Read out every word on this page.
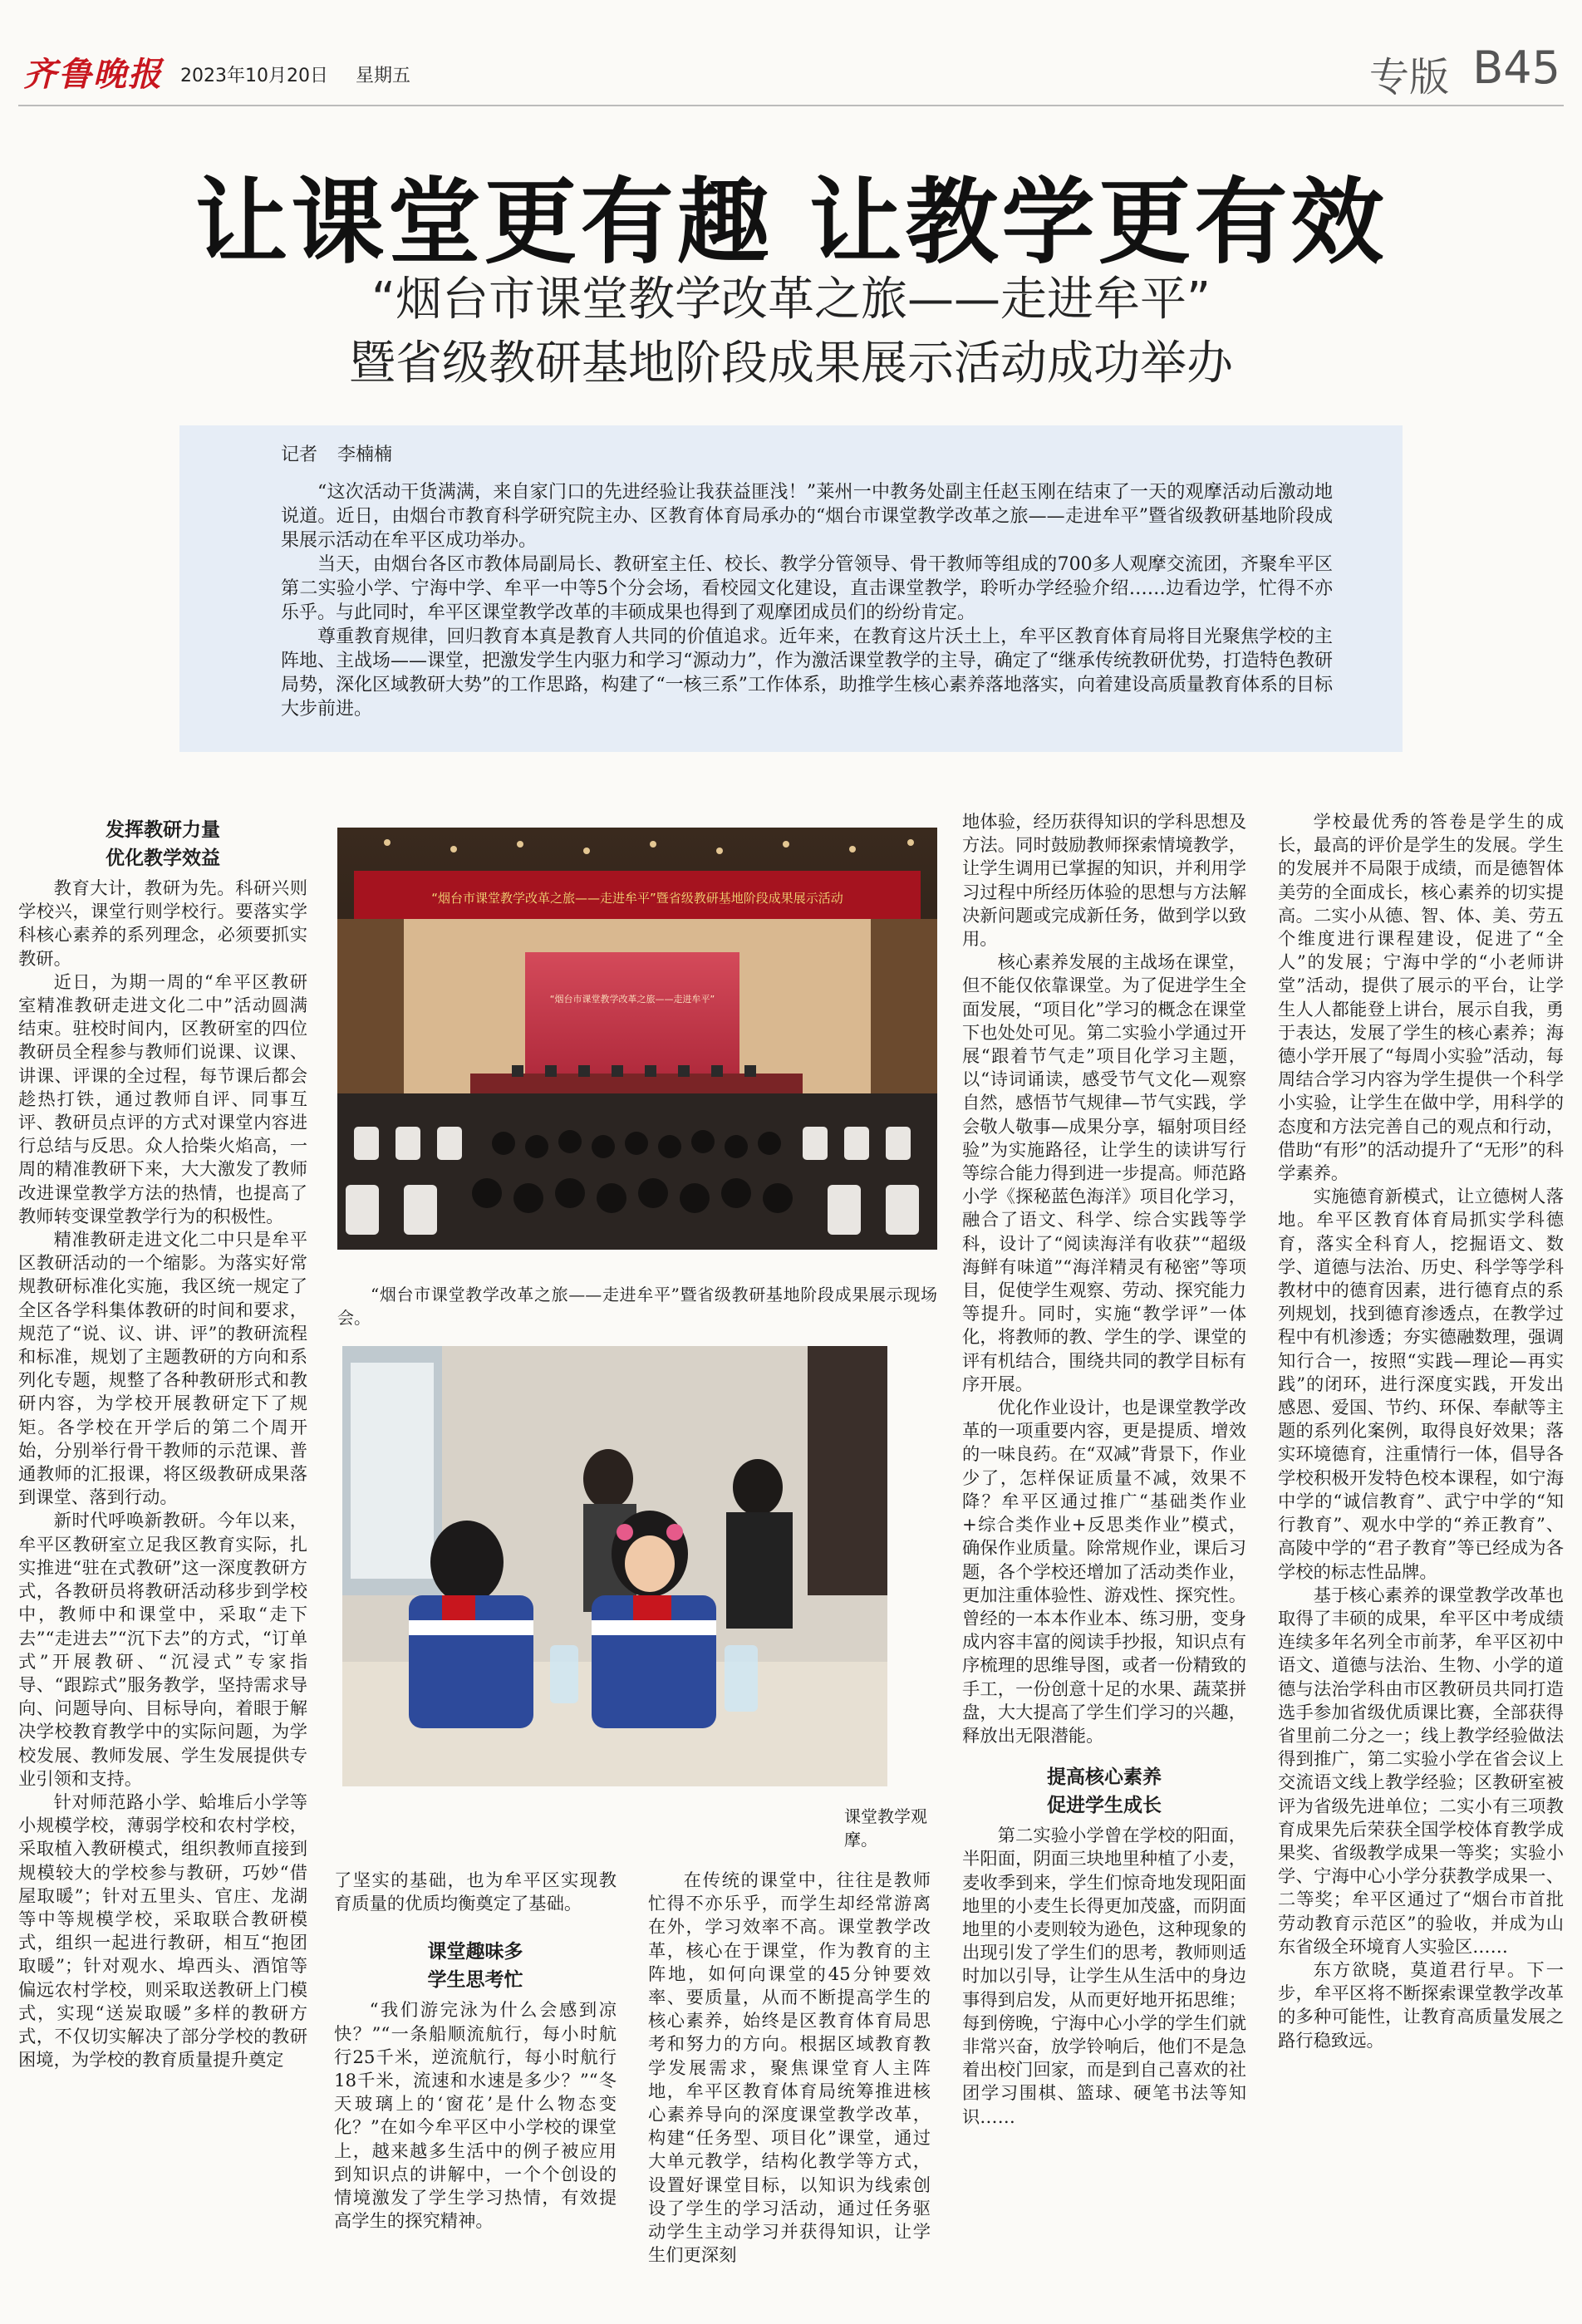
齐鲁晚报 2023年10月20日 星期五	专版 B45
让课堂更有趣 让教学更有效
“烟台市课堂教学改革之旅——走进牟平”
暨省级教研基地阶段成果展示活动成功举办
记者 李楠楠

“这次活动干货满满，来自家门口的先进经验让我获益匪浅！”莱州一中教务处副主任赵玉刚在结束了一天的观摩活动后激动地说道。近日，由烟台市教育科学研究院主办、区教育体育局承办的“烟台市课堂教学改革之旅——走进牟平”暨省级教研基地阶段成果展示活动在牟平区成功举办。

当天，由烟台各区市教体局副局长、教研室主任、校长、教学分管领导、骨干教师等组成的700多人观摩交流团，齐聚牟平区第二实验小学、宁海中学、牟平一中等5个分会场，看校园文化建设，直击课堂教学，聆听办学经验介绍……边看边学，忙得不亦乐乎。与此同时，牟平区课堂教学改革的丰硕成果也得到了观摩团成员们的纷纷肯定。

尊重教育规律，回归教育本真是教育人共同的价值追求。近年来，在教育这片沃土上，牟平区教育体育局将目光聚焦学校的主阵地、主战场——课堂，把激发学生内驱力和学习“源动力”，作为激活课堂教学的主导，确定了“继承传统教研优势，打造特色教研局势，深化区域教研大势”的工作思路，构建了“一核三系”工作体系，助推学生核心素养落地落实，向着建设高质量教育体系的目标大步前进。

发挥教研力量
优化教学效益

教育大计，教研为先。科研兴则学校兴，课堂行则学校行。要落实学科核心素养的系列理念，必须要抓实教研。

近日，为期一周的“牟平区教研室精准教研走进文化二中”活动圆满结束。驻校时间内，区教研室的四位教研员全程参与教师们说课、议课、讲课、评课的全过程，每节课后都会趁热打铁，通过教师自评、同事互评、教研员点评的方式对课堂内容进行总结与反思。众人拾柴火焰高，一周的精准教研下来，大大激发了教师改进课堂教学方法的热情，也提高了教师转变课堂教学行为的积极性。

精准教研走进文化二中只是牟平区教研活动的一个缩影。为落实好常规教研标准化实施，我区统一规定了全区各学科集体教研的时间和要求，规范了“说、议、讲、评”的教研流程和标准，规划了主题教研的方向和系列化专题，规整了各种教研形式和教研内容，为学校开展教研定下了规矩。各学校在开学后的第二个周开始，分别举行骨干教师的示范课、普通教师的汇报课，将区级教研成果落到课堂、落到行动。

新时代呼唤新教研。今年以来，牟平区教研室立足我区教育实际，扎实推进“驻在式教研”这一深度教研方式，各教研员将教研活动移步到学校中，教师中和课堂中，采取“走下去”“走进去”“沉下去”的方式，“订单式”开展教研、“沉浸式”专家指导、“跟踪式”服务教学，坚持需求导向、问题导向、目标导向，着眼于解决学校教育教学中的实际问题，为学校发展、教师发展、学生发展提供专业引领和支持。

针对师范路小学、蛤堆后小学等小规模学校，薄弱学校和农村学校，采取植入教研模式，组织教师直接到规模较大的学校参与教研，巧妙“借屋取暖”；针对五里头、官庄、龙湖等中等规模学校，采取联合教研模式，组织一起进行教研，相互“抱团取暖”；针对观水、埠西头、酒馆等偏远农村学校，则采取送教研上门模式，实现“送炭取暖”多样的教研方式，不仅切实解决了部分学校的教研困境，为学校的教育质量提升奠定

“烟台市课堂教学改革之旅——走进牟平”暨省级教研基地阶段成果展示活动
“烟台市课堂教学改革之旅——走进牟平”
“烟台市课堂教学改革之旅——走进牟平”暨省级教研基地阶段成果展示现场会。
课堂教学观摩。

了坚实的基础，也为牟平区实现教育质量的优质均衡奠定了基础。

课堂趣味多
学生思考忙

“我们游完泳为什么会感到凉快？”“一条船顺流航行，每小时航行25千米，逆流航行，每小时航行18千米，流速和水速是多少？”“冬天玻璃上的‘窗花’是什么物态变化？”在如今牟平区中小学校的课堂上，越来越多生活中的例子被应用到知识点的讲解中，一个个创设的情境激发了学生学习热情，有效提高学生的探究精神。

在传统的课堂中，往往是教师忙得不亦乐乎，而学生却经常游离在外，学习效率不高。课堂教学改革，核心在于课堂，作为教育的主阵地，如何向课堂的45分钟要效率、要质量，从而不断提高学生的核心素养，始终是区教育体育局思考和努力的方向。根据区域教育教学发展需求，聚焦课堂育人主阵地，牟平区教育体育局统筹推进核心素养导向的深度课堂教学改革，构建“任务型、项目化”课堂，通过大单元教学，结构化教学等方式，设置好课堂目标，以知识为线索创设了学生的学习活动，通过任务驱动学生主动学习并获得知识，让学生们更深刻

地体验，经历获得知识的学科思想及方法。同时鼓励教师探索情境教学，让学生调用已掌握的知识，并利用学习过程中所经历体验的思想与方法解决新问题或完成新任务，做到学以致用。

核心素养发展的主战场在课堂，但不能仅依靠课堂。为了促进学生全面发展，“项目化”学习的概念在课堂下也处处可见。第二实验小学通过开展“跟着节气走”项目化学习主题，以“诗词诵读，感受节气文化—观察自然，感悟节气规律—节气实践，学会敬人敬事—成果分享，辐射项目经验”为实施路径，让学生的读讲写行等综合能力得到进一步提高。师范路小学《探秘蓝色海洋》项目化学习，融合了语文、科学、综合实践等学科，设计了“阅读海洋有收获”“超级海鲜有味道”“海洋精灵有秘密”等项目，促使学生观察、劳动、探究能力等提升。同时，实施“教学评”一体化，将教师的教、学生的学、课堂的评有机结合，围绕共同的教学目标有序开展。

优化作业设计，也是课堂教学改革的一项重要内容，更是提质、增效的一味良药。在“双减”背景下，作业少了，怎样保证质量不减，效果不降？牟平区通过推广“基础类作业+综合类作业+反思类作业”模式，确保作业质量。除常规作业，课后习题，各个学校还增加了活动类作业，更加注重体验性、游戏性、探究性。曾经的一本本作业本、练习册，变身成内容丰富的阅读手抄报，知识点有序梳理的思维导图，或者一份精致的手工，一份创意十足的水果、蔬菜拼盘，大大提高了学生们学习的兴趣，释放出无限潜能。

提高核心素养
促进学生成长

第二实验小学曾在学校的阳面，半阳面，阴面三块地里种植了小麦，麦收季到来，学生们惊奇地发现阳面地里的小麦生长得更加茂盛，而阴面地里的小麦则较为逊色，这种现象的出现引发了学生们的思考，教师则适时加以引导，让学生从生活中的身边事得到启发，从而更好地开拓思维；每到傍晚，宁海中心小学的学生们就非常兴奋，放学铃响后，他们不是急着出校门回家，而是到自己喜欢的社团学习围棋、篮球、硬笔书法等知识……

学校最优秀的答卷是学生的成长，最高的评价是学生的发展。学生的发展并不局限于成绩，而是德智体美劳的全面成长，核心素养的切实提高。二实小从德、智、体、美、劳五个维度进行课程建设，促进了“全人”的发展；宁海中学的“小老师讲堂”活动，提供了展示的平台，让学生人人都能登上讲台，展示自我，勇于表达，发展了学生的核心素养；海德小学开展了“每周小实验”活动，每周结合学习内容为学生提供一个科学小实验，让学生在做中学，用科学的态度和方法完善自己的观点和行动，借助“有形”的活动提升了“无形”的科学素养。

实施德育新模式，让立德树人落地。牟平区教育体育局抓实学科德育，落实全科育人，挖掘语文、数学、道德与法治、历史、科学等学科教材中的德育因素，进行德育点的系列规划，找到德育渗透点，在教学过程中有机渗透；夯实德融数理，强调知行合一，按照“实践—理论—再实践”的闭环，进行深度实践，开发出感恩、爱国、节约、环保、奉献等主题的系列化案例，取得良好效果；落实环境德育，注重情行一体，倡导各学校积极开发特色校本课程，如宁海中学的“诚信教育”、武宁中学的“知行教育”、观水中学的“养正教育”、高陵中学的“君子教育”等已经成为各学校的标志性品牌。

基于核心素养的课堂教学改革也取得了丰硕的成果，牟平区中考成绩连续多年名列全市前茅，牟平区初中语文、道德与法治、生物、小学的道德与法治学科由市区教研员共同打造选手参加省级优质课比赛，全部获得省里前二分之一；线上教学经验做法得到推广，第二实验小学在省会议上交流语文线上教学经验；区教研室被评为省级先进单位；二实小有三项教育成果先后荣获全国学校体育教学成果奖、省级教学成果一等奖；实验小学、宁海中心小学分获教学成果一、二等奖；牟平区通过了“烟台市首批劳动教育示范区”的验收，并成为山东省级全环境育人实验区……

东方欲晓，莫道君行早。下一步，牟平区将不断探索课堂教学改革的多种可能性，让教育高质量发展之路行稳致远。
